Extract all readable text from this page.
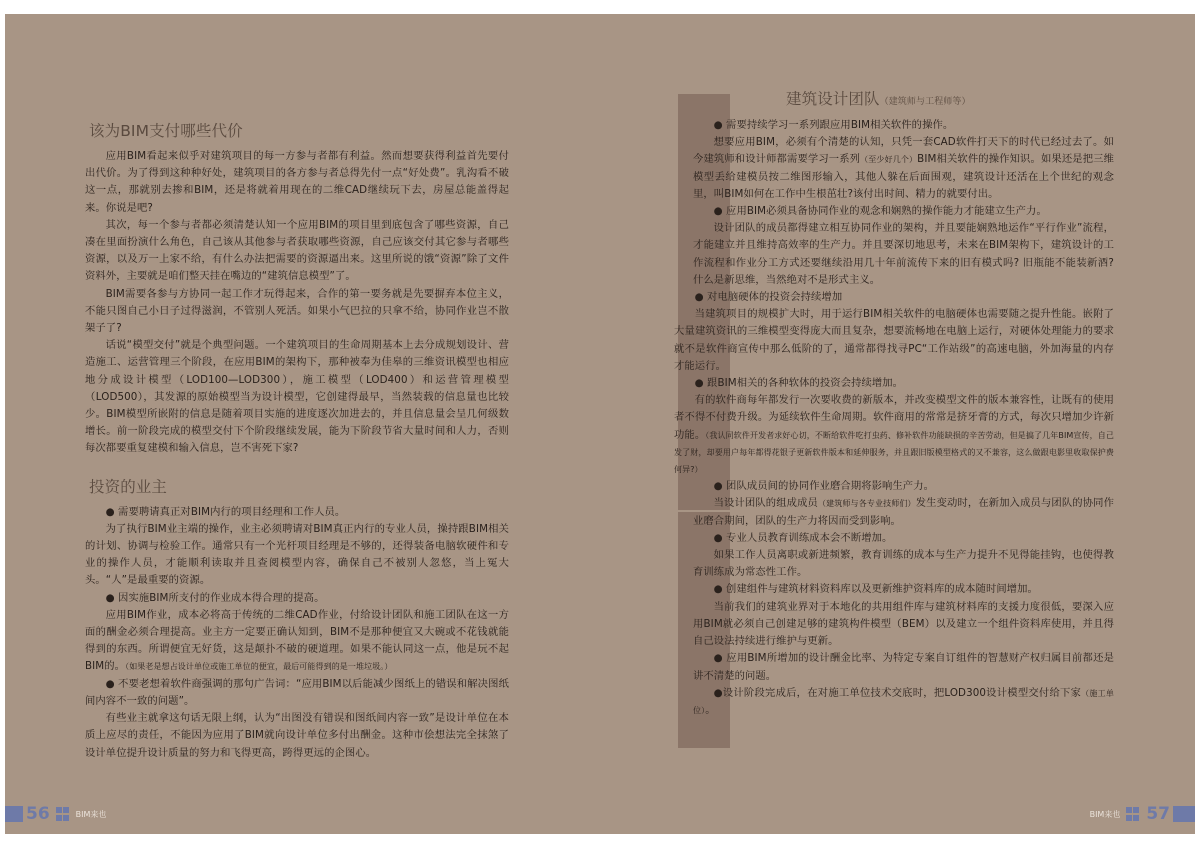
该为BIM支付哪些代价

应用BIM看起来似乎对建筑项目的每一方参与者都有利益。然而想要获得利益首先要付出代价。为了得到这种种好处，建筑项目的各方参与者总得先付一点“好处费”。乳沟看不破这一点，那就别去掺和BIM，还是将就着用现在的二维CAD继续玩下去，房屋总能盖得起来。你说是吧?

其次，每一个参与者都必须清楚认知一个应用BIM的项目里到底包含了哪些资源，自己凑在里面扮演什么角色，自己该从其他参与者获取哪些资源，自己应该交付其它参与者哪些资源，以及万一上家不给，有什么办法把需要的资源逼出来。这里所说的饿“资源”除了文件资料外，主要就是咱们整天挂在嘴边的“建筑信息模型”了。

BIM需要各参与方协同一起工作才玩得起来，合作的第一要务就是先要摒弃本位主义，不能只图自己小日子过得滋润，不管别人死活。如果小气巴拉的只拿不给，协同作业岂不散架子了?

话说“模型交付”就是个典型问题。一个建筑项目的生命周期基本上去分成规划设计、营造施工、运营管理三个阶段，在应用BIM的架构下，那种被奉为佳皋的三维资讯模型也相应地分成设计模型（LOD100—LOD300），施工模型（LOD400）和运营管理模型（LOD500），其发源的原始模型当为设计模型，它创建得最早，当然装载的信息量也比较少。BIM模型所嵌附的信息是随着项目实施的进度逐次加进去的，并且信息量会呈几何级数增长。前一阶段完成的模型交付下个阶段继续发展，能为下阶段节省大量时间和人力，否则每次都要重复建模和输入信息，岂不害死下家?

投资的业主

● 需要聘请真正对BIM内行的项目经理和工作人员。

为了执行BIM业主端的操作，业主必须聘请对BIM真正内行的专业人员，操持跟BIM相关的计划、协调与检验工作。通常只有一个光杆项目经理是不够的，还得装备电脑软硬件和专业的操作人员，才能顺利读取并且查阅模型内容，确保自己不被别人忽悠，当上冤大头。“人”是最重要的资源。

● 因实施BIM所支付的作业成本得合理的提高。

应用BIM作业，成本必将高于传统的二维CAD作业，付给设计团队和施工团队在这一方面的酬金必须合理提高。业主方一定要正确认知到，BIM不是那种便宜又大碗或不花钱就能得到的东西。所谓便宜无好货，这是颠扑不破的硬道理。如果不能认同这一点，他是玩不起BIM的。（如果老是想占设计单位或施工单位的便宜，最后可能得到的是一堆垃圾。）

● 不要老想着软件商强调的那句广告词：“应用BIM以后能减少图纸上的错误和解决图纸间内容不一致的问题”。

有些业主就拿这句话无限上纲，认为“出图没有错误和图纸间内容一致”是设计单位在本质上应尽的责任，不能因为应用了BIM就向设计单位多付出酬金。这种市侩想法完全抹煞了设计单位提升设计质量的努力和飞得更高，跨得更远的企图心。

建筑设计团队（建筑师与工程师等）

● 需要持续学习一系列跟应用BIM相关软件的操作。

想要应用BIM，必须有个清楚的认知，只凭一套CAD软件打天下的时代已经过去了。如今建筑师和设计师都需要学习一系列（至少好几个）BIM相关软件的操作知识。如果还是把三维模型丢给建模员按二维图形输入，其他人躲在后面围观，建筑设计还活在上个世纪的观念里，叫BIM如何在工作中生根茁壮?该付出时间、精力的就要付出。

● 应用BIM必须具备协同作业的观念和娴熟的操作能力才能建立生产力。

设计团队的成员都得建立相互协同作业的架构，并且要能娴熟地运作“平行作业”流程，才能建立并且维持高效率的生产力。并且要深切地思考，未来在BIM架构下，建筑设计的工作流程和作业分工方式还要继续沿用几十年前流传下来的旧有模式吗? 旧瓶能不能装新酒? 什么是新思维，当然绝对不是形式主义。

● 对电脑硬体的投资会持续增加

当建筑项目的规模扩大时，用于运行BIM相关软件的电脑硬体也需要随之提升性能。嵌附了大量建筑资讯的三维模型变得庞大而且复杂，想要流畅地在电脑上运行，对硬体处理能力的要求就不是软件商宣传中那么低阶的了，通常都得找寻PC“工作站级”的高速电脑，外加海量的内存才能运行。

● 跟BIM相关的各种软体的投资会持续增加。

有的软件商每年都发行一次要收费的新版本，并改变模型文件的版本兼容性，让既有的使用者不得不付费升级。为延续软件生命周期。软件商用的常常是挤牙膏的方式，每次只增加少许新功能。（我认同软件开发者求好心切，不断给软件吃打虫药、修补软件功能缺损的辛苦劳动，但是搞了几年BIM宣传，自己发了财，却要用户每年都得花银子更新软件版本和延伸服务，并且跟旧版模型格式的又不兼容，这么做跟电影里收取保护费何异?）

● 团队成员间的协同作业磨合期将影响生产力。

当设计团队的组成成员（建筑师与各专业技师们）发生变动时，在新加入成员与团队的协同作业磨合期间，团队的生产力将因而受到影响。

● 专业人员教育训练成本会不断增加。

如果工作人员离职或新进频繁，教育训练的成本与生产力提升不见得能挂钩，也使得教育训练成为常态性工作。

● 创建组件与建筑材料资料库以及更新维护资料库的成本随时间增加。

当前我们的建筑业界对于本地化的共用组件库与建筑材料库的支援力度很低，要深入应用BIM就必须自己创建足够的建筑构件模型（BEM）以及建立一个组件资料库使用，并且得自己设法持续进行维护与更新。

● 应用BIM所增加的设计酬金比率、为特定专案自订组件的智慧财产权归属目前都还是讲不清楚的问题。

●设计阶段完成后，在对施工单位技术交底时，把LOD300设计模型交付给下家（施工单位）。

56	BIM来也	BIM来也 57
